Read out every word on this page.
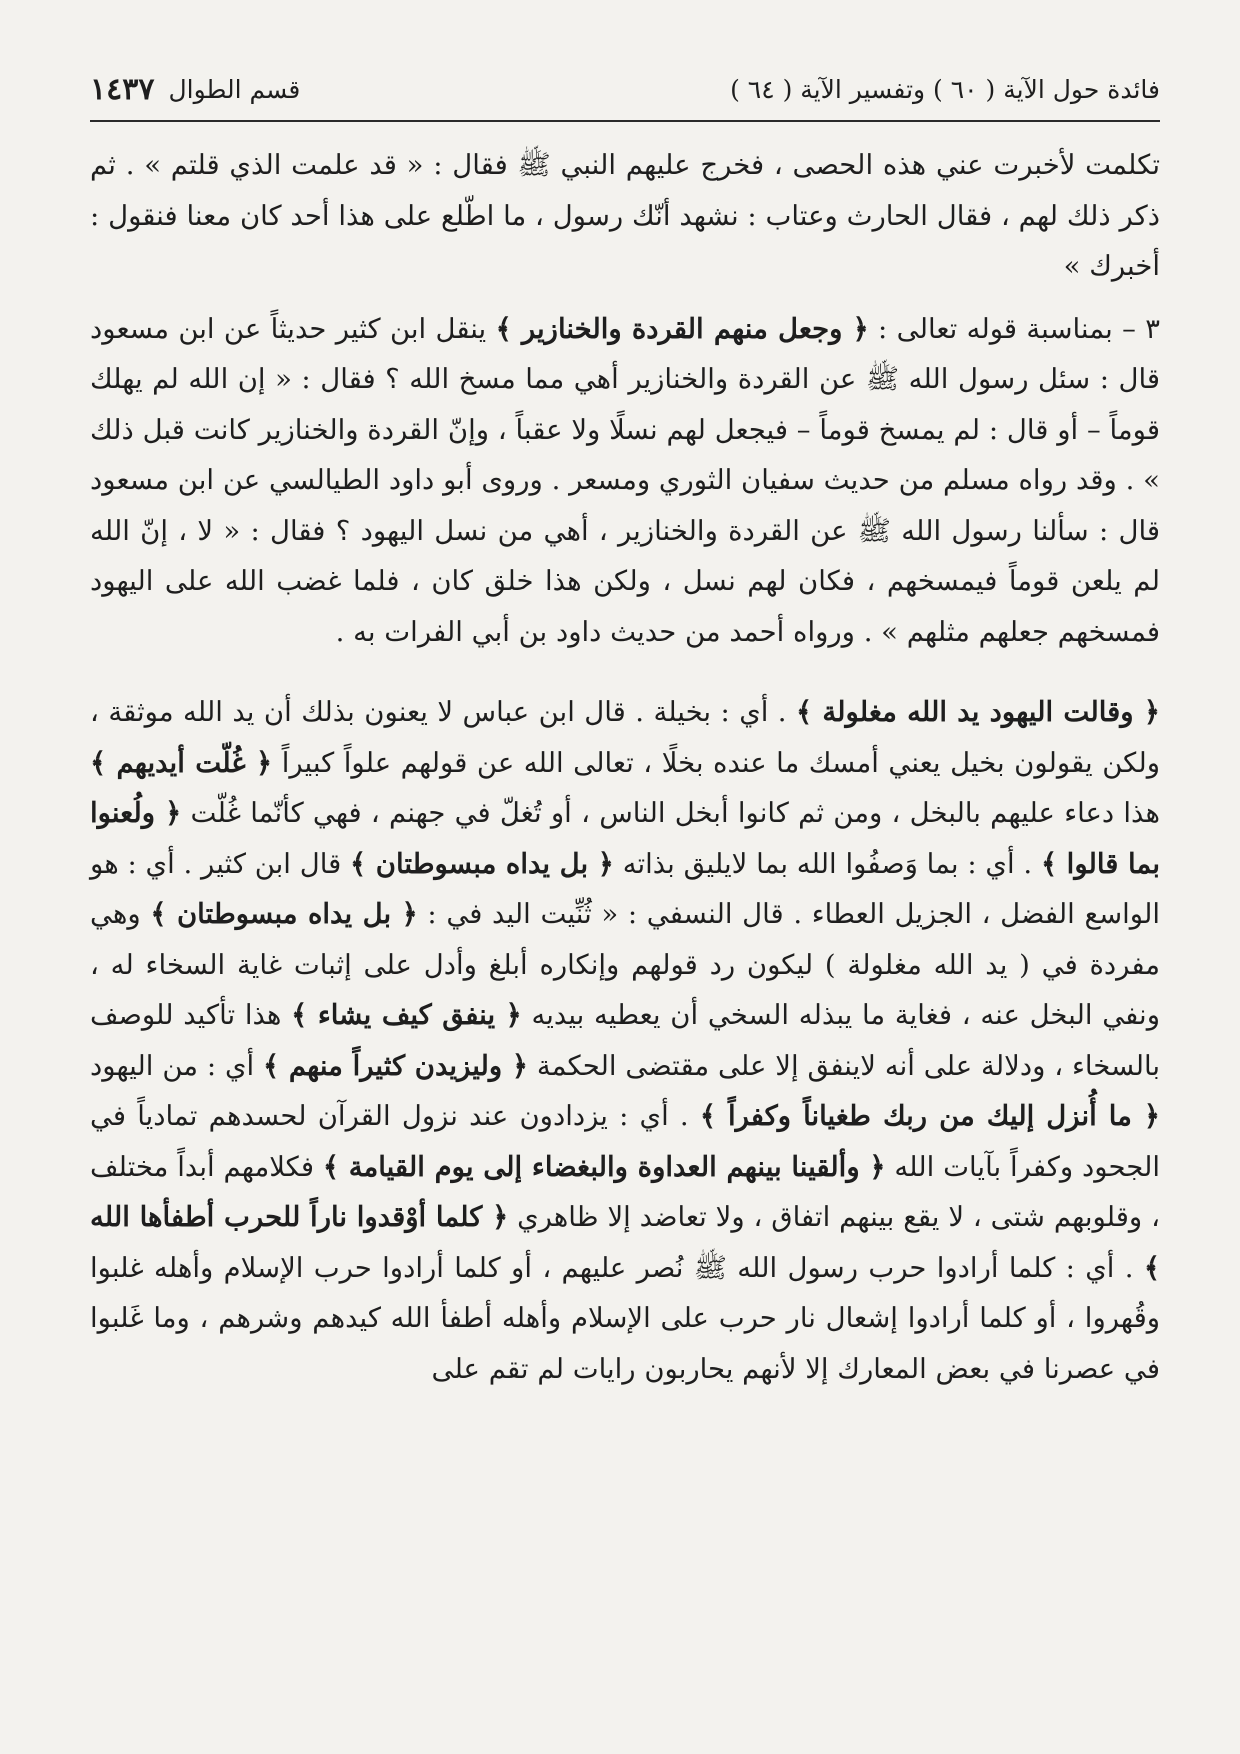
فائدة حول الآية ( ٦٠ ) وتفسير الآية ( ٦٤ )
قسم الطوال
١٤٣٧

تكلمت لأخبرت عني هذه الحصى ، فخرج عليهم النبي ﷺ فقال : « قد علمت الذي قلتم » . ثم ذكر ذلك لهم ، فقال الحارث وعتاب : نشهد أنّك رسول ، ما اطّلع على هذا أحد كان معنا فنقول : أخبرك »

٣ – بمناسبة قوله تعالى : ﴿ وجعل منهم القردة والخنازير ﴾ ينقل ابن كثير حديثاً عن ابن مسعود قال : سئل رسول الله ﷺ عن القردة والخنازير أهي مما مسخ الله ؟ فقال : « إن الله لم يهلك قوماً – أو قال : لم يمسخ قوماً – فيجعل لهم نسلًا ولا عقباً ، وإنّ القردة والخنازير كانت قبل ذلك » . وقد رواه مسلم من حديث سفيان الثوري ومسعر . وروى أبو داود الطيالسي عن ابن مسعود قال : سألنا رسول الله ﷺ عن القردة والخنازير ، أهي من نسل اليهود ؟ فقال : « لا ، إنّ الله لم يلعن قوماً فيمسخهم ، فكان لهم نسل ، ولكن هذا خلق كان ، فلما غضب الله على اليهود فمسخهم جعلهم مثلهم » . ورواه أحمد من حديث داود بن أبي الفرات به .

﴿ وقالت اليهود يد الله مغلولة ﴾ . أي : بخيلة . قال ابن عباس لا يعنون بذلك أن يد الله موثقة ، ولكن يقولون بخيل يعني أمسك ما عنده بخلًا ، تعالى الله عن قولهم علواً كبيراً ﴿ غُلّت أيديهم ﴾ هذا دعاء عليهم بالبخل ، ومن ثم كانوا أبخل الناس ، أو تُغلّ في جهنم ، فهي كأنّما غُلّت ﴿ ولُعنوا بما قالوا ﴾ . أي : بما وَصفُوا الله بما لايليق بذاته ﴿ بل يداه مبسوطتان ﴾ قال ابن كثير . أي : هو الواسع الفضل ، الجزيل العطاء . قال النسفي : « ثُنِّيت اليد في : ﴿ بل يداه مبسوطتان ﴾ وهي مفردة في ( يد الله مغلولة ) ليكون رد قولهم وإنكاره أبلغ وأدل على إثبات غاية السخاء له ، ونفي البخل عنه ، فغاية ما يبذله السخي أن يعطيه بيديه ﴿ ينفق كيف يشاء ﴾ هذا تأكيد للوصف بالسخاء ، ودلالة على أنه لاينفق إلا على مقتضى الحكمة ﴿ وليزيدن كثيراً منهم ﴾ أي : من اليهود ﴿ ما أُنزل إليك من ربك طغياناً وكفراً ﴾ . أي : يزدادون عند نزول القرآن لحسدهم تمادياً في الجحود وكفراً بآيات الله ﴿ وألقينا بينهم العداوة والبغضاء إلى يوم القيامة ﴾ فكلامهم أبداً مختلف ، وقلوبهم شتى ، لا يقع بينهم اتفاق ، ولا تعاضد إلا ظاهري ﴿ كلما أوْقدوا ناراً للحرب أطفأها الله ﴾ . أي : كلما أرادوا حرب رسول الله ﷺ نُصر عليهم ، أو كلما أرادوا حرب الإسلام وأهله غلبوا وقُهروا ، أو كلما أرادوا إشعال نار حرب على الإسلام وأهله أطفأ الله كيدهم وشرهم ، وما غَلبوا في عصرنا في بعض المعارك إلا لأنهم يحاربون رايات لم تقم على
